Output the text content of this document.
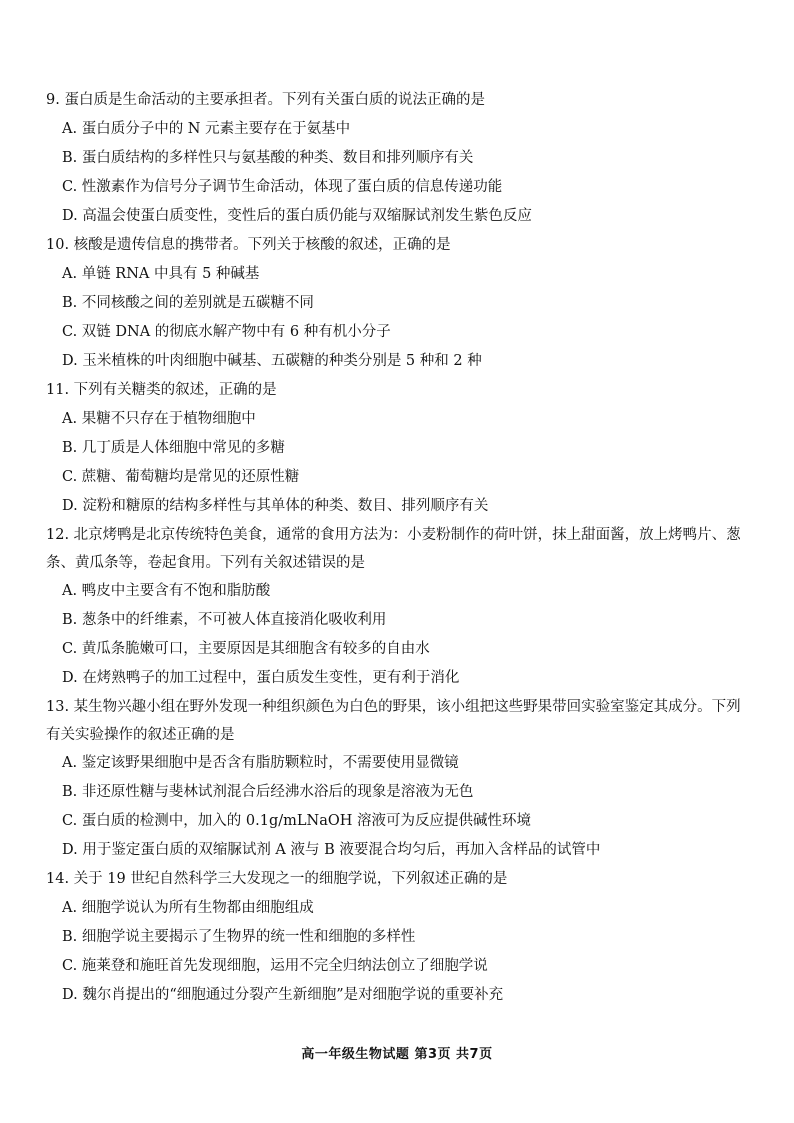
9. 蛋白质是生命活动的主要承担者。下列有关蛋白质的说法正确的是

A. 蛋白质分子中的 N 元素主要存在于氨基中

B. 蛋白质结构的多样性只与氨基酸的种类、数目和排列顺序有关

C. 性激素作为信号分子调节生命活动，体现了蛋白质的信息传递功能

D. 高温会使蛋白质变性，变性后的蛋白质仍能与双缩脲试剂发生紫色反应

10. 核酸是遗传信息的携带者。下列关于核酸的叙述，正确的是

A. 单链 RNA 中具有 5 种碱基

B. 不同核酸之间的差别就是五碳糖不同

C. 双链 DNA 的彻底水解产物中有 6 种有机小分子

D. 玉米植株的叶肉细胞中碱基、五碳糖的种类分别是 5 种和 2 种

11. 下列有关糖类的叙述，正确的是

A. 果糖不只存在于植物细胞中

B. 几丁质是人体细胞中常见的多糖

C. 蔗糖、葡萄糖均是常见的还原性糖

D. 淀粉和糖原的结构多样性与其单体的种类、数目、排列顺序有关

12. 北京烤鸭是北京传统特色美食，通常的食用方法为：小麦粉制作的荷叶饼，抹上甜面酱，放上烤鸭片、葱条、黄瓜条等，卷起食用。下列有关叙述错误的是

A. 鸭皮中主要含有不饱和脂肪酸

B. 葱条中的纤维素，不可被人体直接消化吸收利用

C. 黄瓜条脆嫩可口，主要原因是其细胞含有较多的自由水

D. 在烤熟鸭子的加工过程中，蛋白质发生变性，更有利于消化

13. 某生物兴趣小组在野外发现一种组织颜色为白色的野果，该小组把这些野果带回实验室鉴定其成分。下列有关实验操作的叙述正确的是

A. 鉴定该野果细胞中是否含有脂肪颗粒时，不需要使用显微镜

B. 非还原性糖与斐林试剂混合后经沸水浴后的现象是溶液为无色

C. 蛋白质的检测中，加入的 0.1g/mLNaOH 溶液可为反应提供碱性环境

D. 用于鉴定蛋白质的双缩脲试剂 A 液与 B 液要混合均匀后，再加入含样品的试管中

14. 关于 19 世纪自然科学三大发现之一的细胞学说，下列叙述正确的是

A. 细胞学说认为所有生物都由细胞组成

B. 细胞学说主要揭示了生物界的统一性和细胞的多样性

C. 施莱登和施旺首先发现细胞，运用不完全归纳法创立了细胞学说

D. 魏尔肖提出的“细胞通过分裂产生新细胞”是对细胞学说的重要补充

高一年级生物试题 第3页 共7页
